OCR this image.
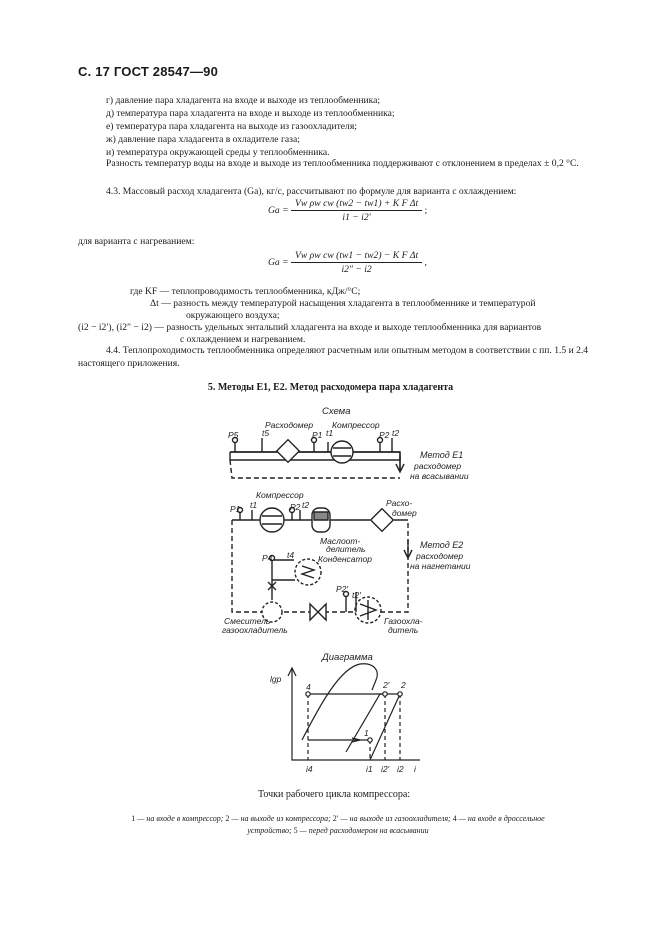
С. 17 ГОСТ 28547—90
г) давление пара хладагента на входе и выходе из теплообменника;
д) температура пара хладагента на входе и выходе из теплообменника;
е) температура пара хладагента на выходе из газоохладителя;
ж) давление пара хладагента в охладителе газа;
и) температура окружающей среды у теплообменника.
Разность температур воды на входе и выходе из теплообменника поддерживают с отклонением в пределах ± 0,2 °С.
4.3. Массовый расход хладагента (Gа), кг/с, рассчитывают по формуле для варианта с охлаждением:
Gа = $\frac{\text{Vw ρw cw (tw2 − tw1) + K F Δt}}{i1 - i2'}$ ;
для варианта с нагреванием:
Gа = $\frac{\text{Vw ρw cw (tw1 − tw2) − K F Δt}}{i2'' - i2}$ ,
где KF — теплопроводимость теплообменника, кДж/°С;
Δt — разность между температурой насыщения хладагента в теплообменнике и температурой
окружающего воздуха;
(i2 − i2′), (i2″ − i2) — разность удельных энтальпий хладагента на входе и выходе теплообменника для вариантов
с охлаждением и нагреванием.
4.4. Теплопроходимость теплообменника определяют расчетным или опытным методом в соответствии с пп. 1.5 и 2.4 настоящего приложения.
5. Методы Е1, Е2. Метод расходомера пара хладагента
Схема
Расходомер Компрессор
P5	t5	P1 t1	P2 t2
Метод Е1
расходомер
на всасывании
Компрессор
P1 t1	P2 t2	Расхо-
домер
Маслоот-
делитель	Метод Е2
расходомер
на нагнетании
P4 t4	Конденсатор
P2′
t2′
Смеситель
газоохладитель
Газоохла-
дитель
Диаграмма
lgp
4	2′ 2
1
i4	i1 i2′ i2 i
Точки рабочего цикла компрессора:
1 — на входе в компрессор; 2 — на выходе из компрессора; 2′ — на выходе из газоохладителя; 4 — на входе в дроссельное
устройство; 5 — перед расходомером на всасывании
